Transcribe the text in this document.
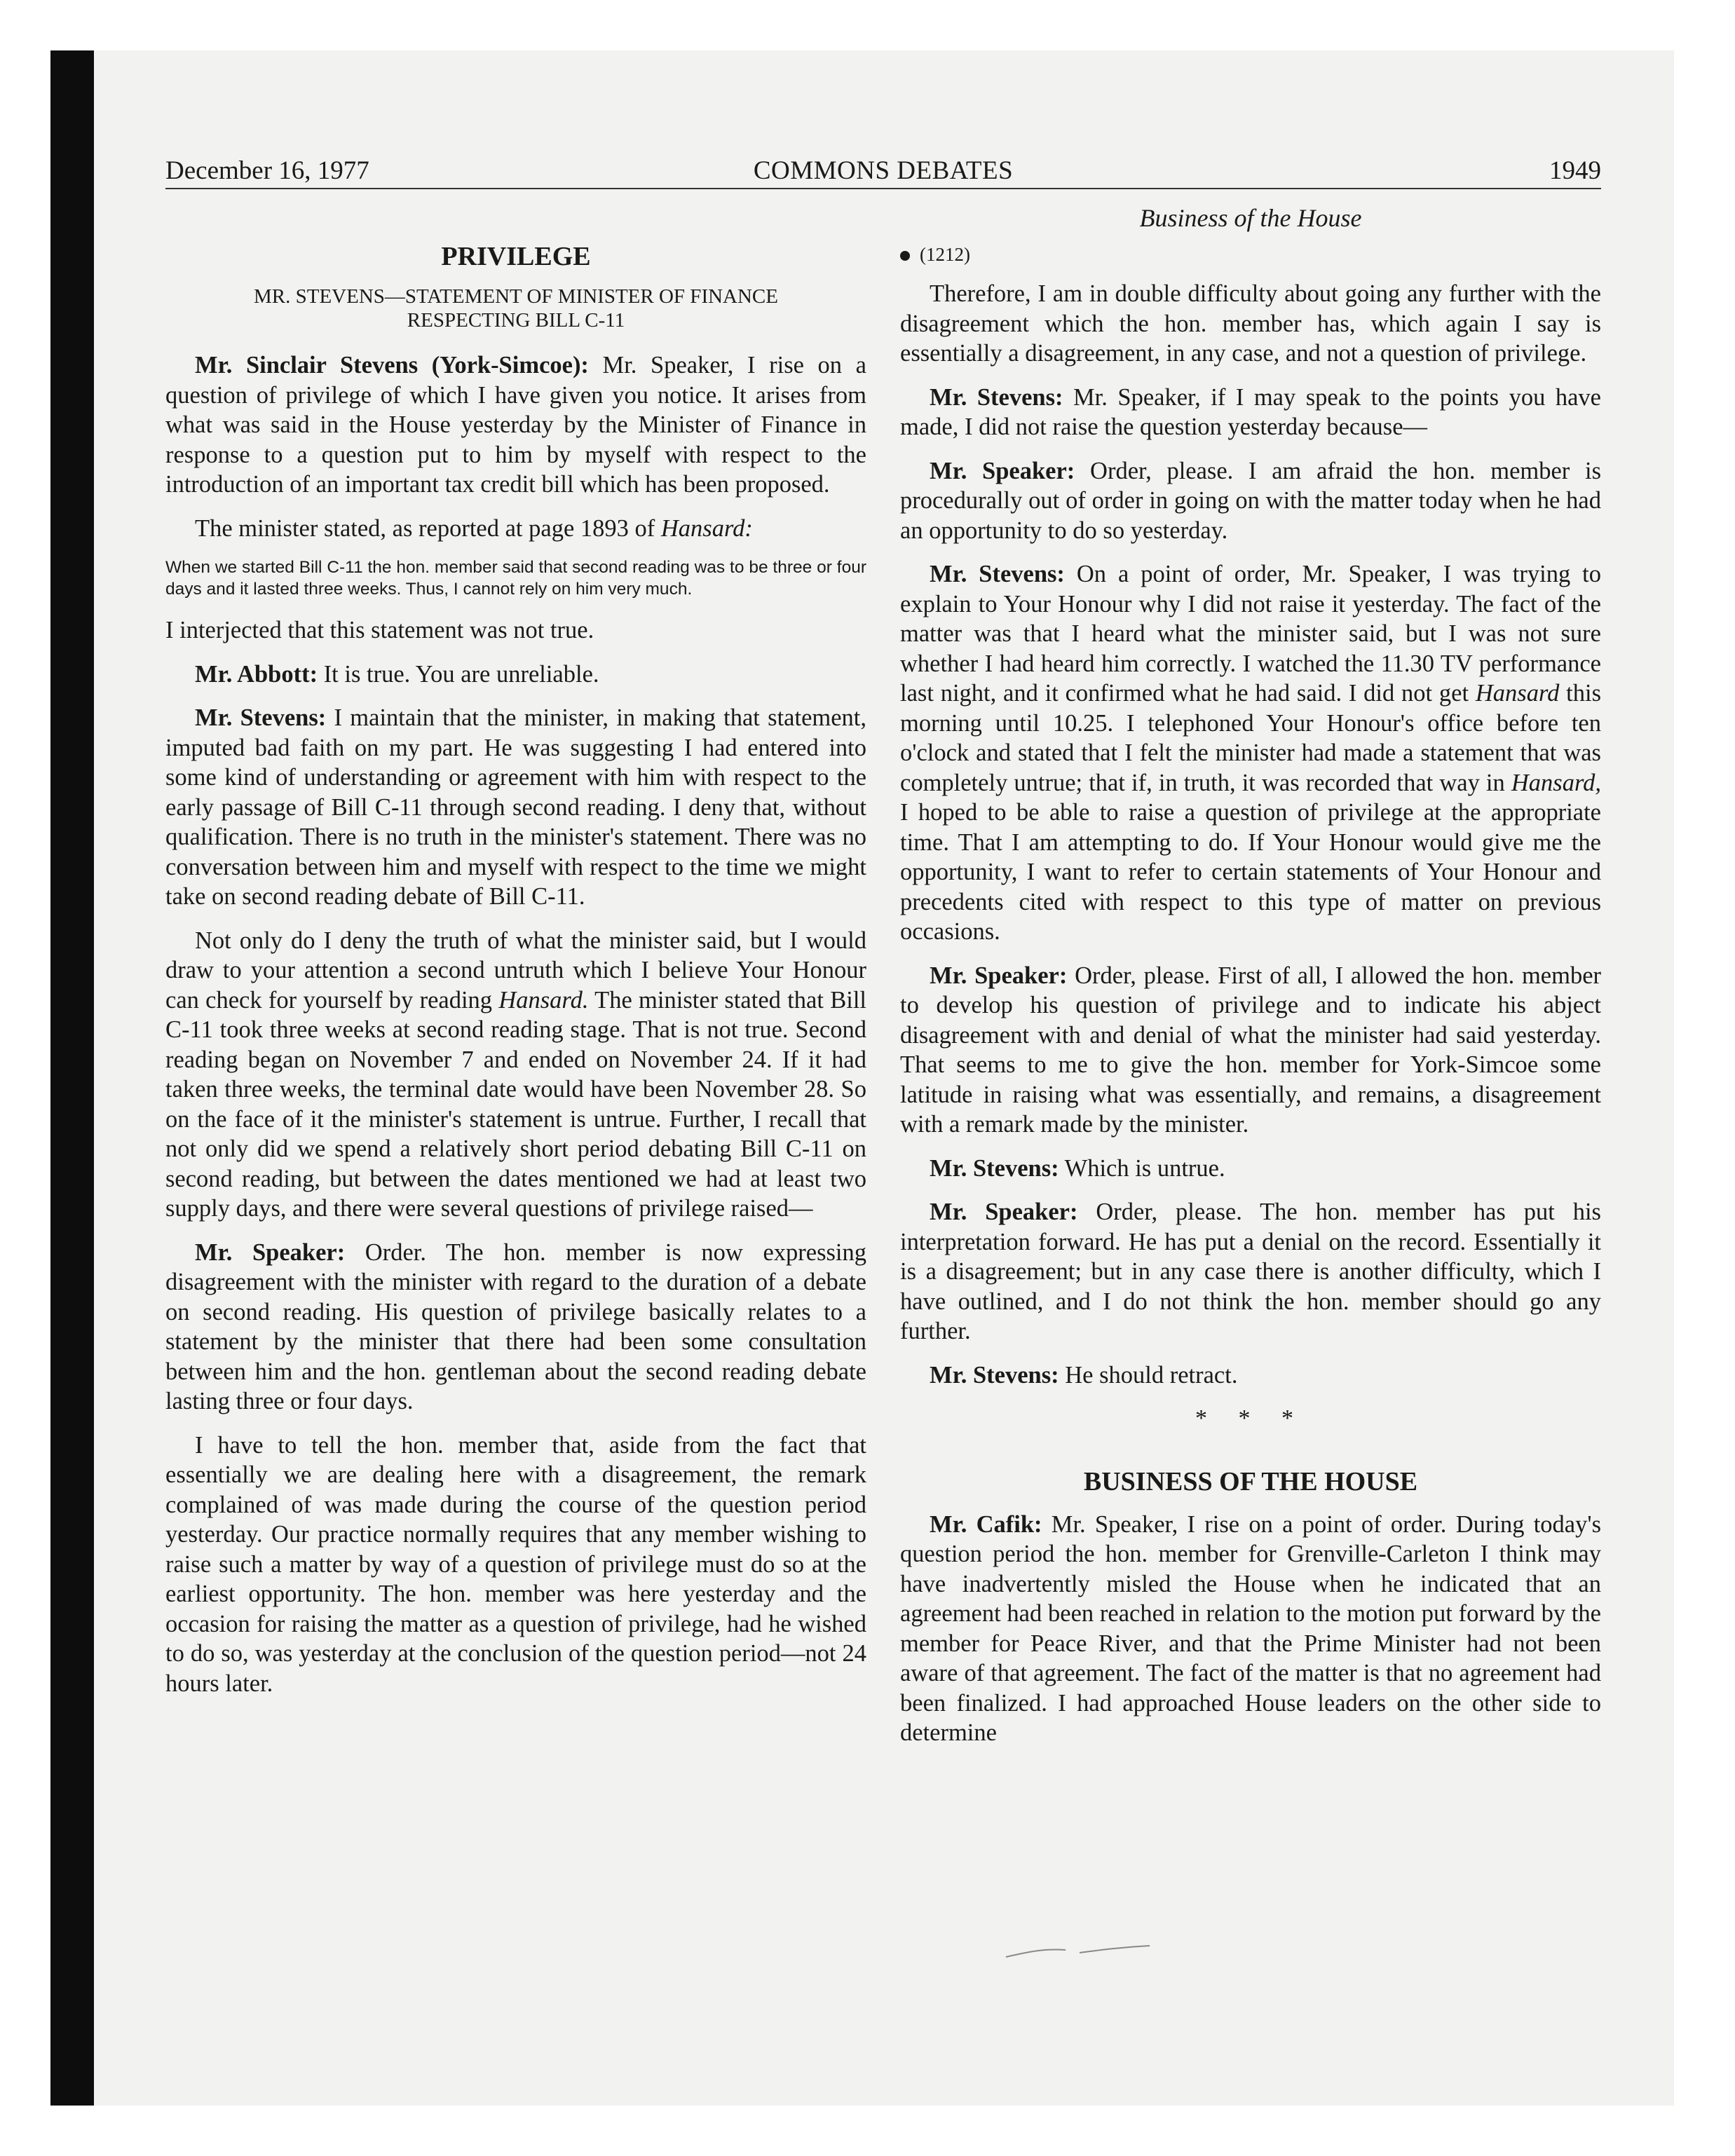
December 16, 1977	COMMONS DEBATES	1949
PRIVILEGE
MR. STEVENS—STATEMENT OF MINISTER OF FINANCE
RESPECTING BILL C-11

Mr. Sinclair Stevens (York-Simcoe): Mr. Speaker, I rise on a question of privilege of which I have given you notice. It arises from what was said in the House yesterday by the Minister of Finance in response to a question put to him by myself with respect to the introduction of an important tax credit bill which has been proposed.

The minister stated, as reported at page 1893 of Hansard:

When we started Bill C-11 the hon. member said that second reading was to be three or four days and it lasted three weeks. Thus, I cannot rely on him very much.

I interjected that this statement was not true.

Mr. Abbott: It is true. You are unreliable.

Mr. Stevens: I maintain that the minister, in making that statement, imputed bad faith on my part. He was suggesting I had entered into some kind of understanding or agreement with him with respect to the early passage of Bill C-11 through second reading. I deny that, without qualification. There is no truth in the minister's statement. There was no conversation between him and myself with respect to the time we might take on second reading debate of Bill C-11.

Not only do I deny the truth of what the minister said, but I would draw to your attention a second untruth which I believe Your Honour can check for yourself by reading Hansard. The minister stated that Bill C-11 took three weeks at second reading stage. That is not true. Second reading began on November 7 and ended on November 24. If it had taken three weeks, the terminal date would have been November 28. So on the face of it the minister's statement is untrue. Further, I recall that not only did we spend a relatively short period debating Bill C-11 on second reading, but between the dates mentioned we had at least two supply days, and there were several questions of privilege raised—

Mr. Speaker: Order. The hon. member is now expressing disagreement with the minister with regard to the duration of a debate on second reading. His question of privilege basically relates to a statement by the minister that there had been some consultation between him and the hon. gentleman about the second reading debate lasting three or four days.

I have to tell the hon. member that, aside from the fact that essentially we are dealing here with a disagreement, the remark complained of was made during the course of the question period yesterday. Our practice normally requires that any member wishing to raise such a matter by way of a question of privilege must do so at the earliest opportunity. The hon. member was here yesterday and the occasion for raising the matter as a question of privilege, had he wished to do so, was yesterday at the conclusion of the question period—not 24 hours later.

Business of the House
(1212)

Therefore, I am in double difficulty about going any further with the disagreement which the hon. member has, which again I say is essentially a disagreement, in any case, and not a question of privilege.

Mr. Stevens: Mr. Speaker, if I may speak to the points you have made, I did not raise the question yesterday because—

Mr. Speaker: Order, please. I am afraid the hon. member is procedurally out of order in going on with the matter today when he had an opportunity to do so yesterday.

Mr. Stevens: On a point of order, Mr. Speaker, I was trying to explain to Your Honour why I did not raise it yesterday. The fact of the matter was that I heard what the minister said, but I was not sure whether I had heard him correctly. I watched the 11.30 TV performance last night, and it confirmed what he had said. I did not get Hansard this morning until 10.25. I telephoned Your Honour's office before ten o'clock and stated that I felt the minister had made a statement that was completely untrue; that if, in truth, it was recorded that way in Hansard, I hoped to be able to raise a question of privilege at the appropriate time. That I am attempting to do. If Your Honour would give me the opportunity, I want to refer to certain statements of Your Honour and precedents cited with respect to this type of matter on previous occasions.

Mr. Speaker: Order, please. First of all, I allowed the hon. member to develop his question of privilege and to indicate his abject disagreement with and denial of what the minister had said yesterday. That seems to me to give the hon. member for York-Simcoe some latitude in raising what was essentially, and remains, a disagreement with a remark made by the minister.

Mr. Stevens: Which is untrue.

Mr. Speaker: Order, please. The hon. member has put his interpretation forward. He has put a denial on the record. Essentially it is a disagreement; but in any case there is another difficulty, which I have outlined, and I do not think the hon. member should go any further.

Mr. Stevens: He should retract.

* * *
BUSINESS OF THE HOUSE

Mr. Cafik: Mr. Speaker, I rise on a point of order. During today's question period the hon. member for Grenville-Carleton I think may have inadvertently misled the House when he indicated that an agreement had been reached in relation to the motion put forward by the member for Peace River, and that the Prime Minister had not been aware of that agreement. The fact of the matter is that no agreement had been finalized. I had approached House leaders on the other side to determine
